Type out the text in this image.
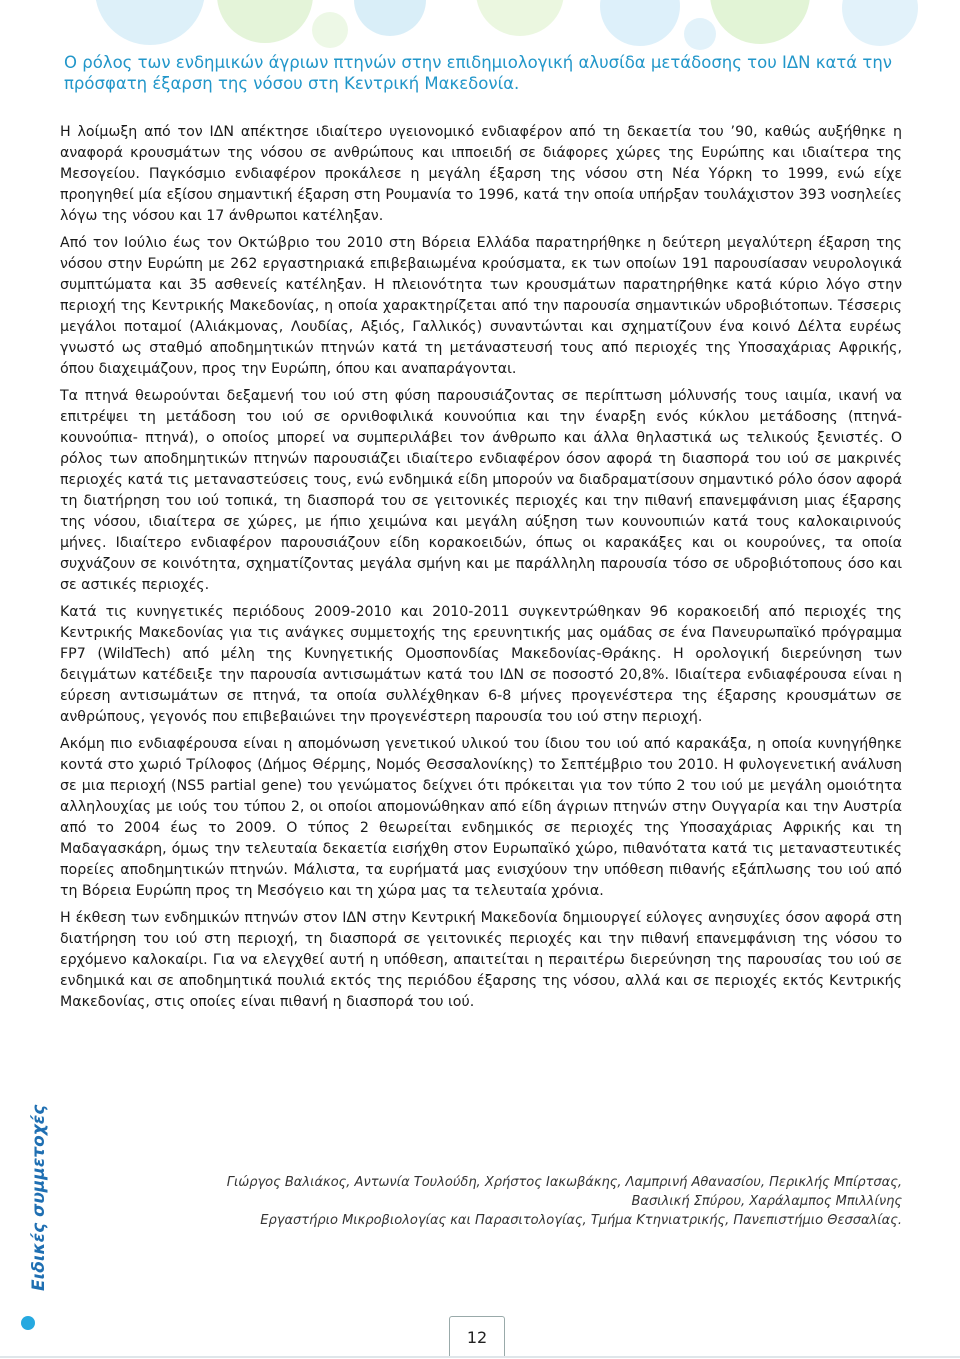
Ο ρόλος των ενδημικών άγριων πτηνών στην επιδημιολογική αλυσίδα μετάδοσης του ΙΔΝ κατά την πρόσφατη έξαρση της νόσου στη Κεντρική Μακεδονία.

Η λοίμωξη από τον ΙΔΝ απέκτησε ιδιαίτερο υγειονομικό ενδιαφέρον από τη δεκαετία του ’90, καθώς αυξήθηκε η αναφορά κρουσμάτων της νόσου σε ανθρώπους και ιπποειδή σε διάφορες χώρες της Ευρώπης και ιδιαίτερα της Μεσογείου. Παγκόσμιο ενδιαφέρον προκάλεσε η μεγάλη έξαρση της νόσου στη Νέα Υόρκη το 1999, ενώ είχε προηγηθεί μία εξίσου σημαντική έξαρση στη Ρουμανία το 1996, κατά την οποία υπήρξαν τουλάχιστον 393 νοσηλείες λόγω της νόσου και 17 άνθρωποι κατέληξαν.

Από τον Ιούλιο έως τον Οκτώβριο του 2010 στη Βόρεια Ελλάδα παρατηρήθηκε η δεύτερη μεγαλύτερη έξαρση της νόσου στην Ευρώπη με 262 εργαστηριακά επιβεβαιωμένα κρούσματα, εκ των οποίων 191 παρουσίασαν νευρολογικά συμπτώματα και 35 ασθενείς κατέληξαν. Η πλειονότητα των κρουσμάτων παρατηρήθηκε κατά κύριο λόγο στην περιοχή της Κεντρικής Μακεδονίας, η οποία χαρακτηρίζεται από την παρουσία σημαντικών υδροβιότοπων. Τέσσερις μεγάλοι ποταμοί (Αλιάκμονας, Λουδίας, Αξιός, Γαλλικός) συναντώνται και σχηματίζουν ένα κοινό Δέλτα ευρέως γνωστό ως σταθμό αποδημητικών πτηνών κατά τη μετάναστευσή τους από περιοχές της Υποσαχάριας Αφρικής, όπου διαχειμάζουν, προς την Ευρώπη, όπου και αναπαράγονται.

Τα πτηνά θεωρούνται δεξαμενή του ιού στη φύση παρουσιάζοντας σε περίπτωση μόλυνσής τους ιαιμία, ικανή να επιτρέψει τη μετάδοση του ιού σε ορνιθοφιλικά κουνούπια και την έναρξη ενός κύκλου μετάδοσης (πτηνά- κουνούπια- πτηνά), ο οποίος μπορεί να συμπεριλάβει τον άνθρωπο και άλλα θηλαστικά ως τελικούς ξενιστές. Ο ρόλος των αποδημητικών πτηνών παρουσιάζει ιδιαίτερο ενδιαφέρον όσον αφορά τη διασπορά του ιού σε μακρινές περιοχές κατά τις μεταναστεύσεις τους, ενώ ενδημικά είδη μπορούν να διαδραματίσουν σημαντικό ρόλο όσον αφορά τη διατήρηση του ιού τοπικά, τη διασπορά του σε γειτονικές περιοχές και την πιθανή επανεμφάνιση μιας έξαρσης της νόσου, ιδιαίτερα σε χώρες, με ήπιο χειμώνα και μεγάλη αύξηση των κουνουπιών κατά τους καλοκαιρινούς μήνες. Ιδιαίτερο ενδιαφέρον παρουσιάζουν είδη κορακοειδών, όπως οι καρακάξες και οι κουρούνες, τα οποία συχνάζουν σε κοινότητα, σχηματίζοντας μεγάλα σμήνη και με παράλληλη παρουσία τόσο σε υδροβιότοπους όσο και σε αστικές περιοχές.

Κατά τις κυνηγετικές περιόδους 2009-2010 και 2010-2011 συγκεντρώθηκαν 96 κορακοειδή από περιοχές της Κεντρικής Μακεδονίας για τις ανάγκες συμμετοχής της ερευνητικής μας ομάδας σε ένα Πανευρωπαϊκό πρόγραμμα FP7 (WildTech) από μέλη της Κυνηγετικής Ομοσπονδίας Μακεδονίας-Θράκης. Η ορολογική διερεύνηση των δειγμάτων κατέδειξε την παρουσία αντισωμάτων κατά του ΙΔΝ σε ποσοστό 20,8%. Ιδιαίτερα ενδιαφέρουσα είναι η εύρεση αντισωμάτων σε πτηνά, τα οποία συλλέχθηκαν 6-8 μήνες προγενέστερα της έξαρσης κρουσμάτων σε ανθρώπους, γεγονός που επιβεβαιώνει την προγενέστερη παρουσία του ιού στην περιοχή.

Ακόμη πιο ενδιαφέρουσα είναι η απομόνωση γενετικού υλικού του ίδιου του ιού από καρακάξα, η οποία κυνηγήθηκε κοντά στο χωριό Τρίλοφος (Δήμος Θέρμης, Νομός Θεσσαλονίκης) το Σεπτέμβριο του 2010. Η φυλογενετική ανάλυση σε μια περιοχή (NS5 partial gene) του γενώματος δείχνει ότι πρόκειται για τον τύπο 2 του ιού με μεγάλη ομοιότητα αλληλουχίας με ιούς του τύπου 2, οι οποίοι απομονώθηκαν από είδη άγριων πτηνών στην Ουγγαρία και την Αυστρία από το 2004 έως το 2009. Ο τύπος 2 θεωρείται ενδημικός σε περιοχές της Υποσαχάριας Αφρικής και τη Μαδαγασκάρη, όμως την τελευταία δεκαετία εισήχθη στον Ευρωπαϊκό χώρο, πιθανότατα κατά τις μεταναστευτικές πορείες αποδημητικών πτηνών. Μάλιστα, τα ευρήματά μας ενισχύουν την υπόθεση πιθανής εξάπλωσης του ιού από τη Βόρεια Ευρώπη προς τη Μεσόγειο και τη χώρα μας τα τελευταία χρόνια.

Η έκθεση των ενδημικών πτηνών στον ΙΔΝ στην Κεντρική Μακεδονία δημιουργεί εύλογες ανησυχίες όσον αφορά στη διατήρηση του ιού στη περιοχή, τη διασπορά σε γειτονικές περιοχές και την πιθανή επανεμφάνιση της νόσου το ερχόμενο καλοκαίρι. Για να ελεγχθεί αυτή η υπόθεση, απαιτείται η περαιτέρω διερεύνηση της παρουσίας του ιού σε ενδημικά και σε αποδημητικά πουλιά εκτός της περιόδου έξαρσης της νόσου, αλλά και σε περιοχές εκτός Κεντρικής Μακεδονίας, στις οποίες είναι πιθανή η διασπορά του ιού.

Γιώργος Βαλιάκος, Αντωνία Τουλούδη, Χρήστος Ιακωβάκης, Λαμπρινή Αθανασίου, Περικλής Μπίρτσας,
Βασιλική Σπύρου, Χαράλαμπος Μπιλλίνης
Εργαστήριο Μικροβιολογίας και Παρασιτολογίας, Τμήμα Κτηνιατρικής, Πανεπιστήμιο Θεσσαλίας.
Ειδικές συμμετοχές
12
